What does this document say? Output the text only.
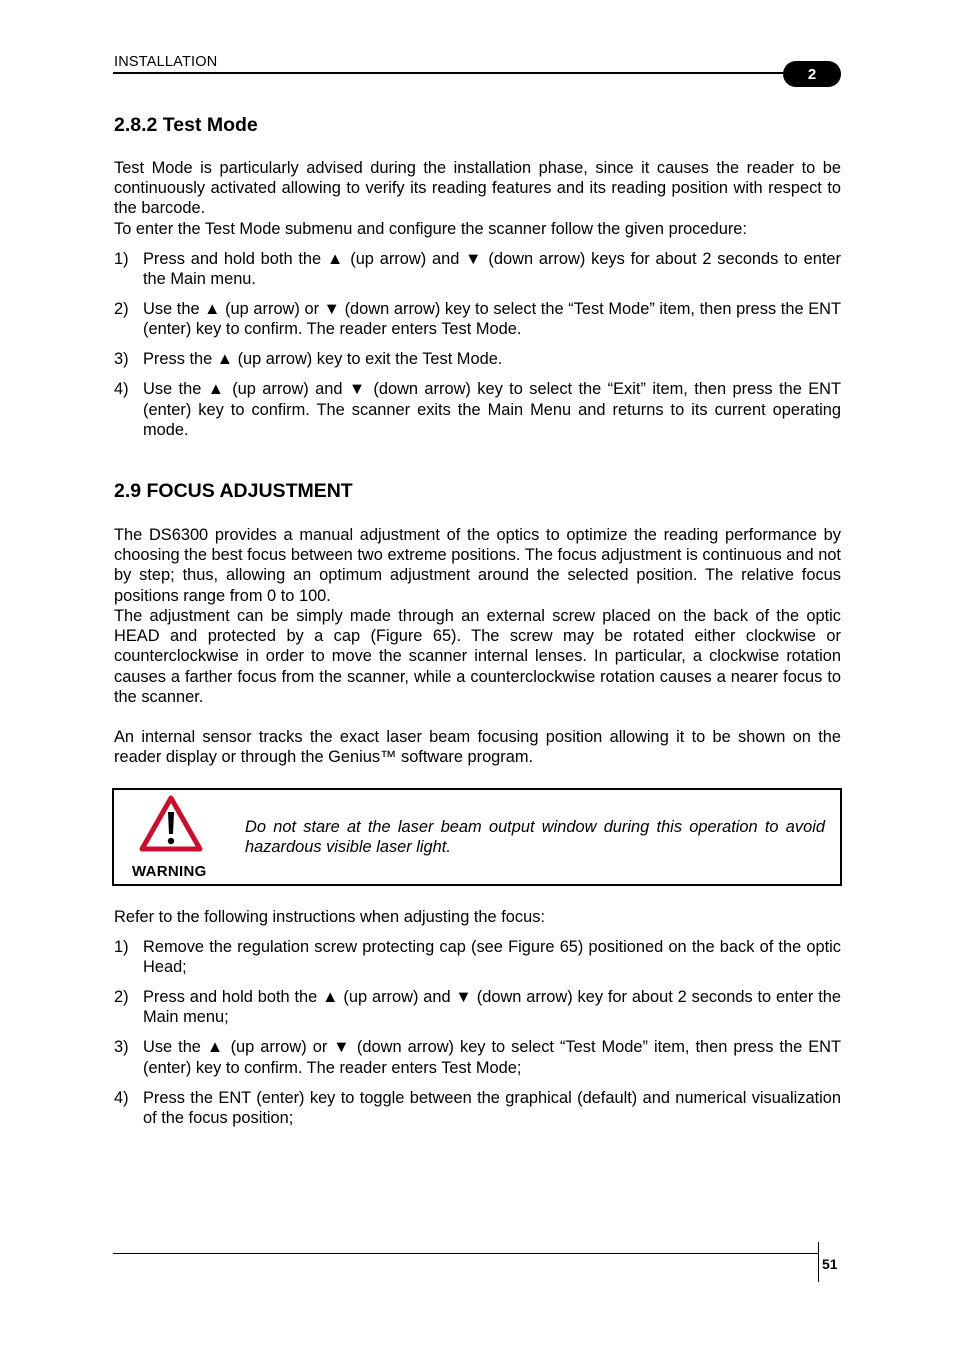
INSTALLATION
2
2.8.2 Test Mode

Test Mode is particularly advised during the installation phase, since it causes the reader to be continuously activated allowing to verify its reading features and its reading position with respect to the barcode.

To enter the Test Mode submenu and configure the scanner follow the given procedure:

1) Press and hold both the ▲ (up arrow) and ▼ (down arrow) keys for about 2 seconds to enter the Main menu.
2) Use the ▲ (up arrow) or ▼ (down arrow) key to select the “Test Mode” item, then press the ENT (enter) key to confirm. The reader enters Test Mode.
3) Press the ▲ (up arrow) key to exit the Test Mode.
4) Use the ▲ (up arrow) and ▼ (down arrow) key to select the “Exit” item, then press the ENT (enter) key to confirm. The scanner exits the Main Menu and returns to its current operating mode.
2.9 FOCUS ADJUSTMENT

The DS6300 provides a manual adjustment of the optics to optimize the reading performance by choosing the best focus between two extreme positions. The focus adjustment is continuous and not by step; thus, allowing an optimum adjustment around the selected position. The relative focus positions range from 0 to 100.

The adjustment can be simply made through an external screw placed on the back of the optic HEAD and protected by a cap (Figure 65). The screw may be rotated either clockwise or counterclockwise in order to move the scanner internal lenses. In particular, a clockwise rotation causes a farther focus from the scanner, while a counterclockwise rotation causes a nearer focus to the scanner.

An internal sensor tracks the exact laser beam focusing position allowing it to be shown on the reader display or through the Genius™ software program.

WARNING
Do not stare at the laser beam output window during this operation to avoid hazardous visible laser light.

Refer to the following instructions when adjusting the focus:

1) Remove the regulation screw protecting cap (see Figure 65) positioned on the back of the optic Head;
2) Press and hold both the ▲ (up arrow) and ▼ (down arrow) key for about 2 seconds to enter the Main menu;
3) Use the ▲ (up arrow) or ▼ (down arrow) key to select “Test Mode” item, then press the ENT (enter) key to confirm. The reader enters Test Mode;
4) Press the ENT (enter) key to toggle between the graphical (default) and numerical visualization of the focus position;
51
